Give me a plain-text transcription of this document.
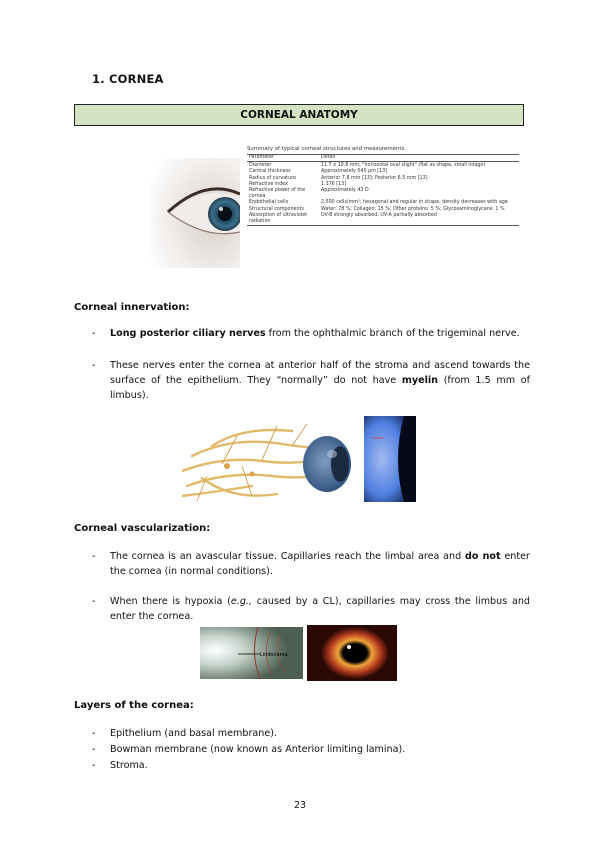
1. CORNEA
CORNEAL ANATOMY
Summary of typical corneal structures and measurements.
Parameter	Detail
Diameter	11.7 x 10.6 mm; "horizontal oval slight" (flat as shape, small image)
Central thickness	Approximately 540 µm [13]
Radius of curvature	Anterior 7.8 mm [13]; Posterior 6.5 mm [13]
Refractive index	1.376 [13]
Refractive power of the cornea	Approximately 43 D
Endothelial cells	2,500 cells/mm²; hexagonal and regular in shape, density decreases with age
Structural components	Water: 78 %; Collagen: 15 %; Other proteins: 5 %; Glycosaminoglycans: 1 %
Absorption of ultraviolet radiation	UV-B strongly absorbed; UV-A partially absorbed
Corneal innervation:
- Long posterior ciliary nerves from the ophthalmic branch of the trigeminal nerve.
- These nerves enter the cornea at anterior half of the stroma and ascend towards the surface of the epithelium. They “normally” do not have myelin (from 1.5 mm of limbus).
Corneal vascularization:
- The cornea is an avascular tissue. Capillaries reach the limbal area and do not enter the cornea (in normal conditions).
- When there is hypoxia (e.g., caused by a CL), capillaries may cross the limbus and enter the cornea.
Limbo/area
Layers of the cornea:
- Epithelium (and basal membrane).
- Bowman membrane (now known as Anterior limiting lamina).
- Stroma.
23
